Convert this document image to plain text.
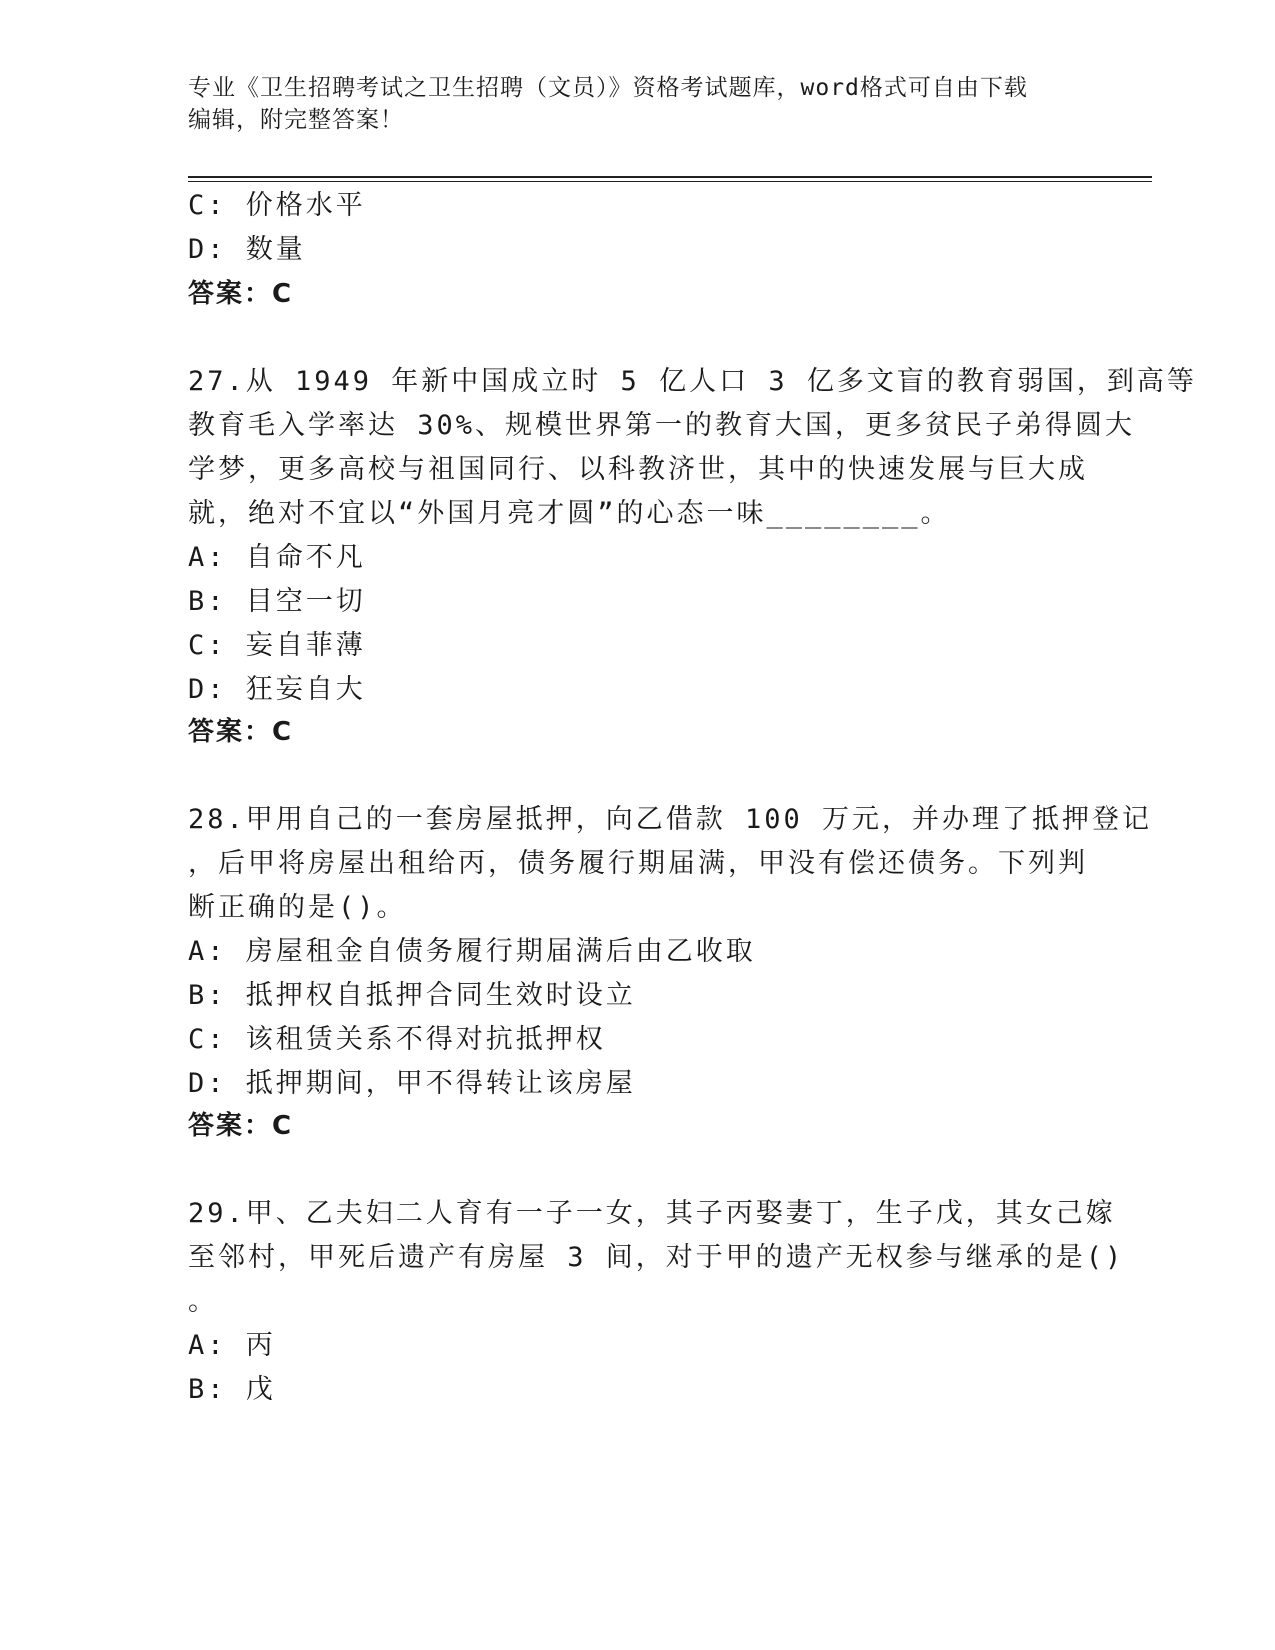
专业《卫生招聘考试之卫生招聘（文员）》资格考试题库，word格式可自由下载
编辑，附完整答案！
C: 价格水平
D: 数量
答案：C
27.从 1949 年新中国成立时 5 亿人口 3 亿多文盲的教育弱国，到高等
教育毛入学率达 30%、规模世界第一的教育大国，更多贫民子弟得圆大
学梦，更多高校与祖国同行、以科教济世，其中的快速发展与巨大成
就，绝对不宜以“外国月亮才圆”的心态一味________。
A: 自命不凡
B: 目空一切
C: 妄自菲薄
D: 狂妄自大
答案：C
28.甲用自己的一套房屋抵押，向乙借款 100 万元，并办理了抵押登记
，后甲将房屋出租给丙，债务履行期届满，甲没有偿还债务。下列判
断正确的是()。
A: 房屋租金自债务履行期届满后由乙收取
B: 抵押权自抵押合同生效时设立
C: 该租赁关系不得对抗抵押权
D: 抵押期间，甲不得转让该房屋
答案：C
29.甲、乙夫妇二人育有一子一女，其子丙娶妻丁，生子戊，其女己嫁
至邻村，甲死后遗产有房屋 3 间，对于甲的遗产无权参与继承的是()
。
A: 丙
B: 戊
